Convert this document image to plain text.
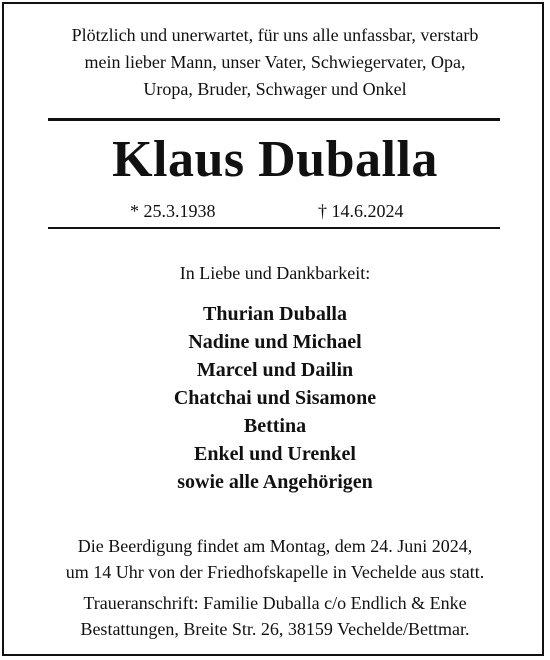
Plötzlich und unerwartet, für uns alle unfassbar, verstarb
mein lieber Mann, unser Vater, Schwiegervater, Opa,
Uropa, Bruder, Schwager und Onkel
Klaus Duballa
* 25.3.1938	† 14.6.2024
In Liebe und Dankbarkeit:
Thurian Duballa
Nadine und Michael
Marcel und Dailin
Chatchai und Sisamone
Bettina
Enkel und Urenkel
sowie alle Angehörigen
Die Beerdigung findet am Montag, dem 24. Juni 2024,
um 14 Uhr von der Friedhofskapelle in Vechelde aus statt.
Traueranschrift: Familie Duballa c/o Endlich & Enke
Bestattungen, Breite Str. 26, 38159 Vechelde/Bettmar.
